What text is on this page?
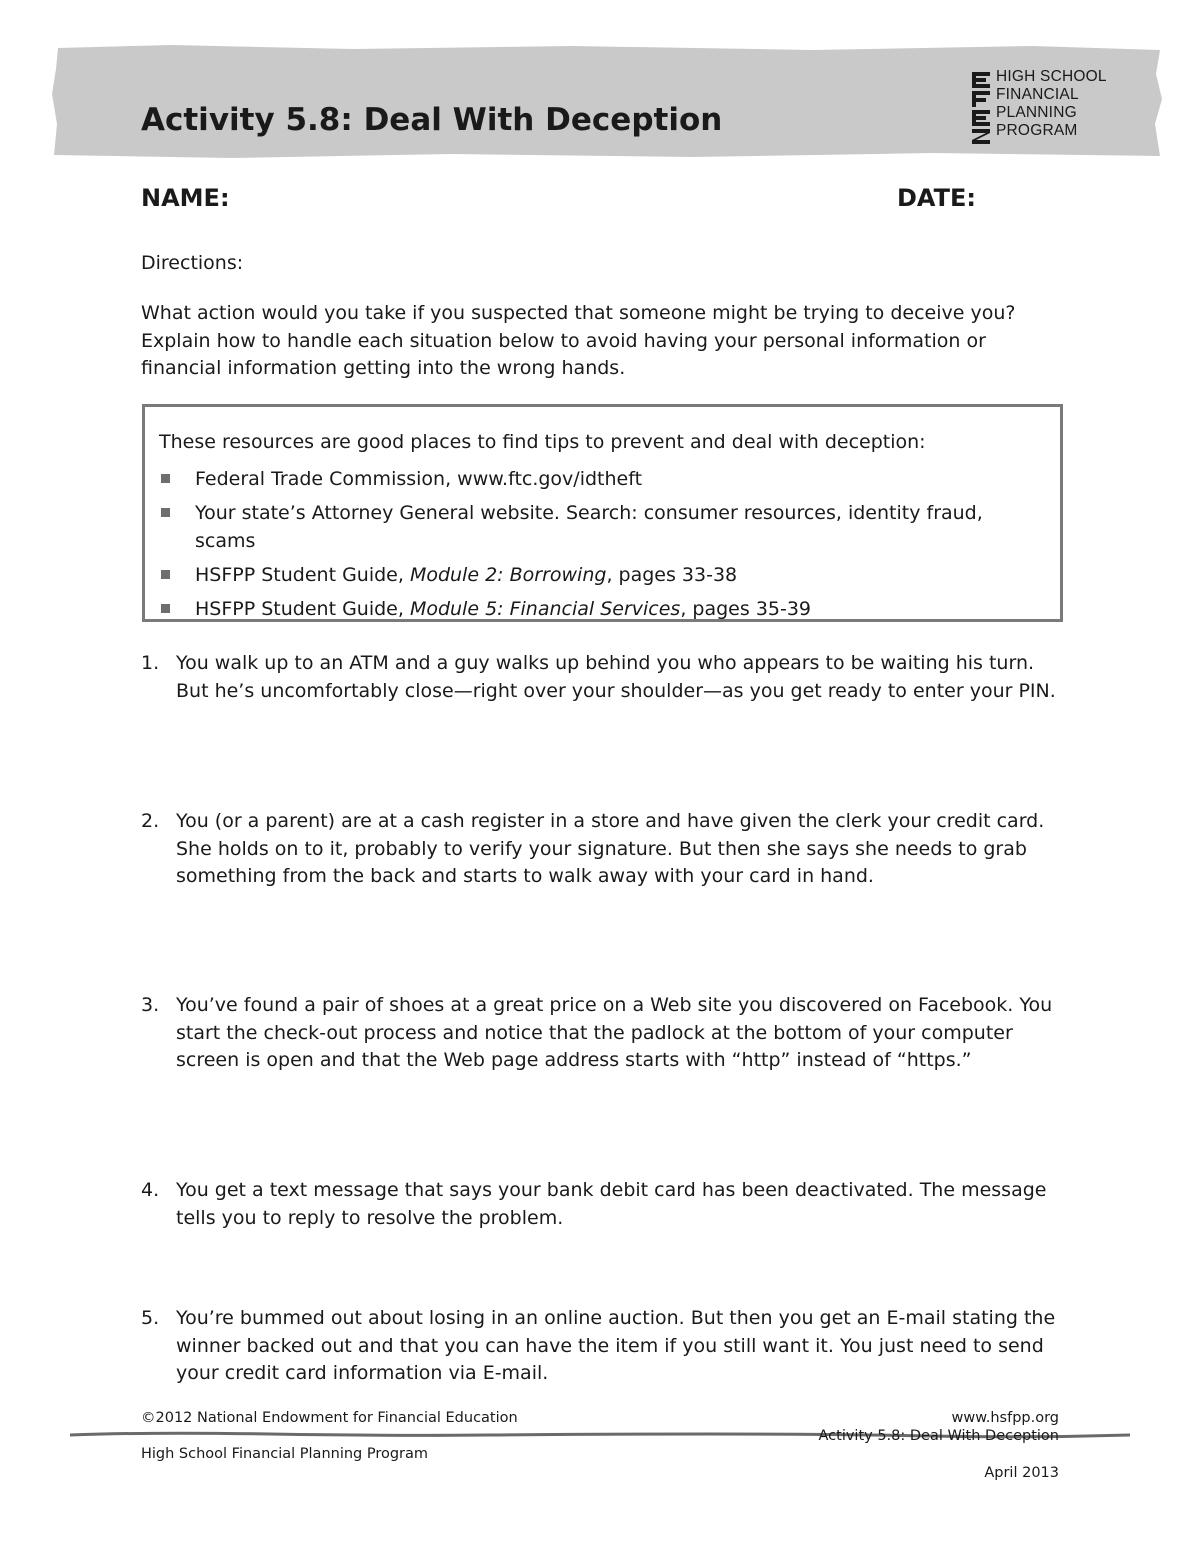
Activity 5.8: Deal With Deception
HIGH SCHOOL
FINANCIAL
PLANNING
PROGRAM
NAME:	DATE:
Directions:
What action would you take if you suspected that someone might be trying to deceive you? Explain how to handle each situation below to avoid having your personal information or financial information getting into the wrong hands.
These resources are good places to find tips to prevent and deal with deception:
Federal Trade Commission, www.ftc.gov/idtheft
Your state’s Attorney General website. Search: consumer resources, identity fraud, scams
HSFPP Student Guide, Module 2: Borrowing, pages 33-38
HSFPP Student Guide, Module 5: Financial Services, pages 35-39
1. You walk up to an ATM and a guy walks up behind you who appears to be waiting his turn. But he’s uncomfortably close—right over your shoulder—as you get ready to enter your PIN.
2. You (or a parent) are at a cash register in a store and have given the clerk your credit card. She holds on to it, probably to verify your signature. But then she says she needs to grab something from the back and starts to walk away with your card in hand.
3. You’ve found a pair of shoes at a great price on a Web site you discovered on Facebook. You start the check-out process and notice that the padlock at the bottom of your computer screen is open and that the Web page address starts with “http” instead of “https.”
4. You get a text message that says your bank debit card has been deactivated. The message tells you to reply to resolve the problem.
5. You’re bummed out about losing in an online auction. But then you get an E-mail stating the winner backed out and that you can have the item if you still want it. You just need to send your credit card information via E-mail.
©2012 National Endowment for Financial Education	www.hsfpp.org
Activity 5.8: Deal With Deception
High School Financial Planning Program
April 2013
